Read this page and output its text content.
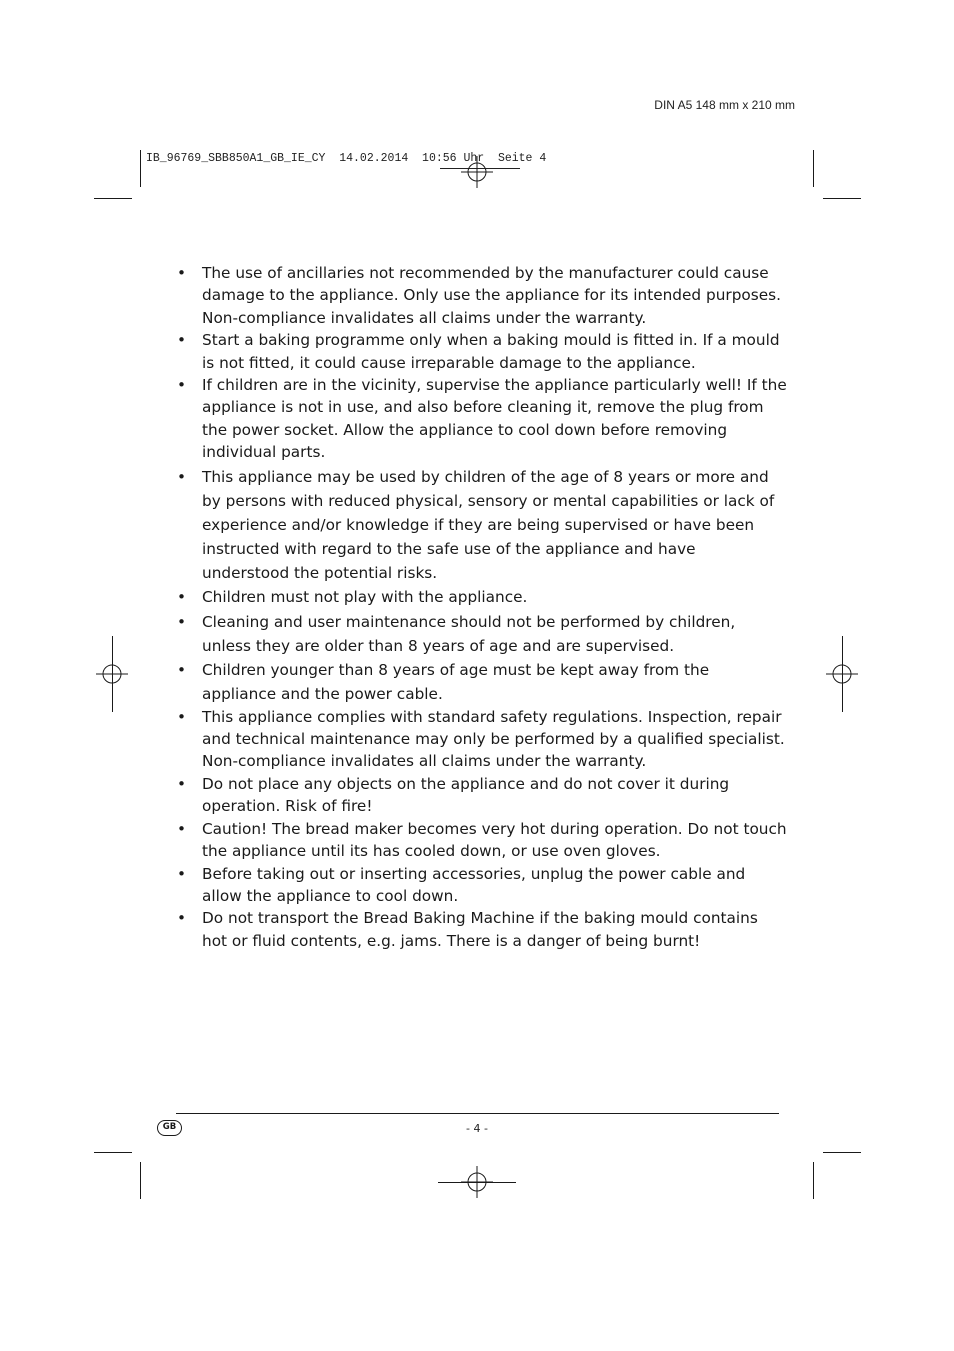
DIN A5 148 mm x 210 mm
IB_96769_SBB850A1_GB_IE_CY  14.02.2014  10:56 Uhr  Seite 4
• The use of ancillaries not recommended by the manufacturer could cause damage to the appliance. Only use the appliance for its intended purposes. Non-compliance invalidates all claims under the warranty.
• Start a baking programme only when a baking mould is fitted in. If a mould is not fitted, it could cause irreparable damage to the appliance.
• If children are in the vicinity, supervise the appliance particularly well! If the appliance is not in use, and also before cleaning it, remove the plug from the power socket. Allow the appliance to cool down before removing individual parts.
• This appliance may be used by children of the age of 8 years or more and by persons with reduced physical, sensory or mental capabilities or lack of experience and/or knowledge if they are being supervised or have been instructed with regard to the safe use of the appliance and have understood the potential risks.
• Children must not play with the appliance.
• Cleaning and user maintenance should not be performed by children, unless they are older than 8 years of age and are supervised.
• Children younger than 8 years of age must be kept away from the appliance and the power cable.
• This appliance complies with standard safety regulations. Inspection, repair and technical maintenance may only be performed by a qualified specialist. Non-compliance invalidates all claims under the warranty.
• Do not place any objects on the appliance and do not cover it during operation. Risk of fire!
• Caution! The bread maker becomes very hot during operation. Do not touch the appliance until its has cooled down, or use oven gloves.
• Before taking out or inserting accessories, unplug the power cable and allow the appliance to cool down.
• Do not transport the Bread Baking Machine if the baking mould contains hot or fluid contents, e.g. jams. There is a danger of being burnt!
GB	- 4 -
